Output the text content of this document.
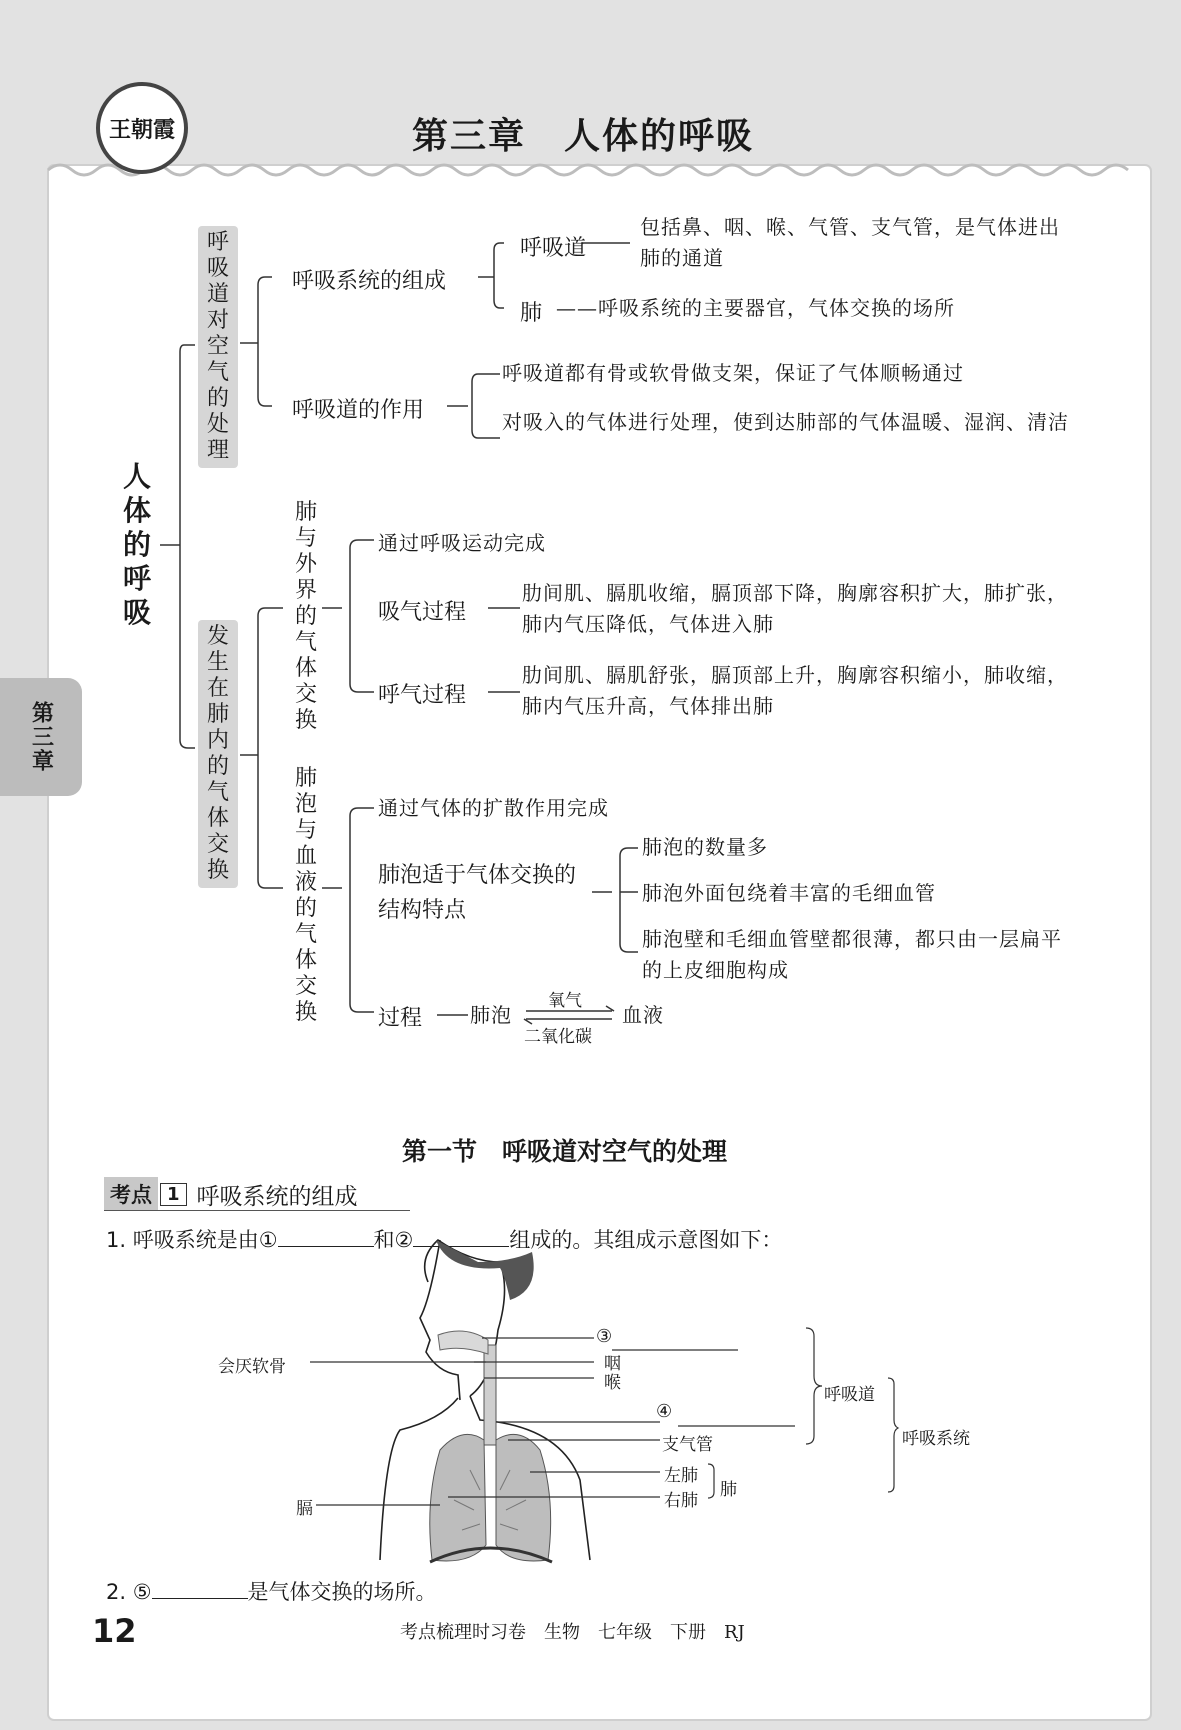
王朝霞	第三章　人体的呼吸
第三章
人体的呼吸
呼吸道对空气的处理
呼吸系统的组成
呼吸道
包括鼻、咽、喉、气管、支气管，是气体进出肺的通道
肺 ——呼吸系统的主要器官，气体交换的场所
呼吸道的作用
呼吸道都有骨或软骨做支架，保证了气体顺畅通过
对吸入的气体进行处理，使到达肺部的气体温暖、湿润、清洁
发生在肺内的气体交换
肺与外界的气体交换
通过呼吸运动完成
吸气过程
肋间肌、膈肌收缩，膈顶部下降，胸廓容积扩大，肺扩张，肺内气压降低，气体进入肺
呼气过程
肋间肌、膈肌舒张，膈顶部上升，胸廓容积缩小，肺收缩，肺内气压升高，气体排出肺
肺泡与血液的气体交换
通过气体的扩散作用完成
肺泡适于气体交换的结构特点
肺泡的数量多
肺泡外面包绕着丰富的毛细血管
肺泡壁和毛细血管壁都很薄，都只由一层扁平的上皮细胞构成
过程 肺泡
氧气
二氧化碳
血液
第一节　呼吸道对空气的处理
考点 1 呼吸系统的组成
1. 呼吸系统是由①	和②	组成的。其组成示意图如下：
会厌软骨
③
咽
喉
④
支气管
左肺
右肺
肺
膈
呼吸道
呼吸系统
2. ⑤	是气体交换的场所。
12	考点梳理时习卷　生物　七年级　下册　RJ
